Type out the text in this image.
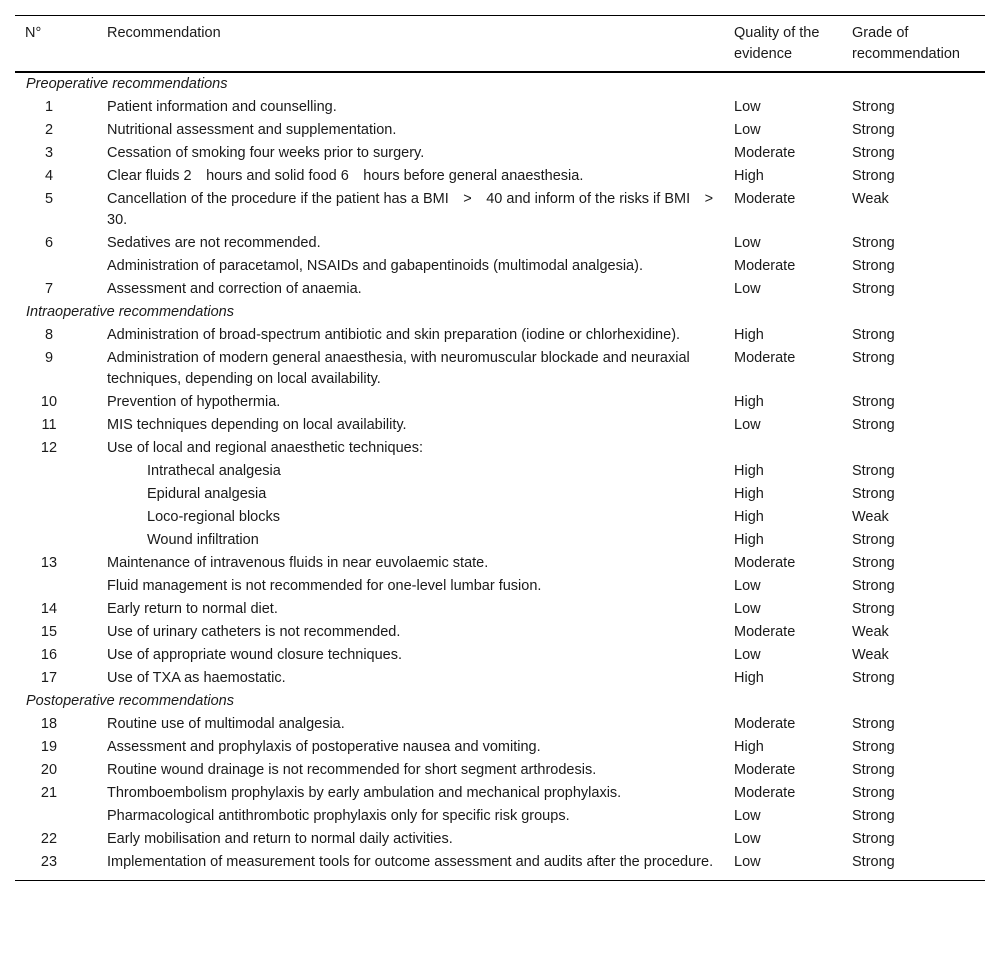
N°	Recommendation	Quality of the evidence	Grade of recommendation
Preoperative recommendations			
1	Patient information and counselling.	Low	Strong
2	Nutritional assessment and supplementation.	Low	Strong
3	Cessation of smoking four weeks prior to surgery.	Moderate	Strong
4	Clear fluids 2 hours and solid food 6 hours before general anaesthesia.	High	Strong
5	Cancellation of the procedure if the patient has a BMI > 40 and inform of the risks if BMI > 30.	Moderate	Weak
6	Sedatives are not recommended.	Low	Strong
	Administration of paracetamol, NSAIDs and gabapentinoids (multimodal analgesia).	Moderate	Strong
7	Assessment and correction of anaemia.	Low	Strong
Intraoperative recommendations			
8	Administration of broad-spectrum antibiotic and skin preparation (iodine or chlorhexidine).	High	Strong
9	Administration of modern general anaesthesia, with neuromuscular blockade and neuraxial techniques, depending on local availability.	Moderate	Strong
10	Prevention of hypothermia.	High	Strong
11	MIS techniques depending on local availability.	Low	Strong
12	Use of local and regional anaesthetic techniques:		
	Intrathecal analgesia	High	Strong
	Epidural analgesia	High	Strong
	Loco-regional blocks	High	Weak
	Wound infiltration	High	Strong
13	Maintenance of intravenous fluids in near euvolaemic state.	Moderate	Strong
	Fluid management is not recommended for one-level lumbar fusion.	Low	Strong
14	Early return to normal diet.	Low	Strong
15	Use of urinary catheters is not recommended.	Moderate	Weak
16	Use of appropriate wound closure techniques.	Low	Weak
17	Use of TXA as haemostatic.	High	Strong
Postoperative recommendations			
18	Routine use of multimodal analgesia.	Moderate	Strong
19	Assessment and prophylaxis of postoperative nausea and vomiting.	High	Strong
20	Routine wound drainage is not recommended for short segment arthrodesis.	Moderate	Strong
21	Thromboembolism prophylaxis by early ambulation and mechanical prophylaxis.	Moderate	Strong
	Pharmacological antithrombotic prophylaxis only for specific risk groups.	Low	Strong
22	Early mobilisation and return to normal daily activities.	Low	Strong
23	Implementation of measurement tools for outcome assessment and audits after the procedure.	Low	Strong
